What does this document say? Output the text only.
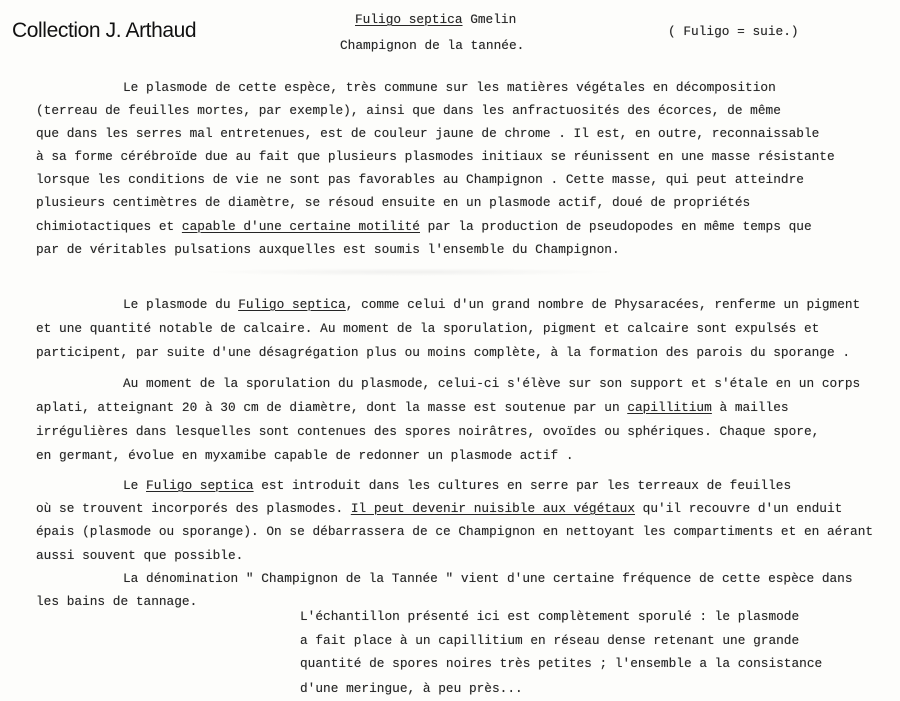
Collection J. Arthaud	Fuligo septica Gmelin
Champignon de la tannée.
( Fuligo = suie.)
Le plasmode de cette espèce, très commune sur les matières végétales en décomposition
(terreau de feuilles mortes, par exemple), ainsi que dans les anfractuosités des écorces, de même
que dans les serres mal entretenues, est de couleur jaune de chrome . Il est, en outre, reconnaissable
à sa forme cérébroïde due au fait que plusieurs plasmodes initiaux se réunissent en une masse résistante
lorsque les conditions de vie ne sont pas favorables au Champignon . Cette masse, qui peut atteindre
plusieurs centimètres de diamètre, se résoud ensuite en un plasmode actif, doué de propriétés
chimiotactiques et capable d'une certaine motilité par la production de pseudopodes en même temps que
par de véritables pulsations auxquelles est soumis l'ensemble du Champignon.
Le plasmode du Fuligo septica, comme celui d'un grand nombre de Physaracées, renferme un pigment
et une quantité notable de calcaire. Au moment de la sporulation, pigment et calcaire sont expulsés et
participent, par suite d'une désagrégation plus ou moins complète, à la formation des parois du sporange .
Au moment de la sporulation du plasmode, celui-ci s'élève sur son support et s'étale en un corps
aplati, atteignant 20 à 30 cm de diamètre, dont la masse est soutenue par un capillitium à mailles
irrégulières dans lesquelles sont contenues des spores noirâtres, ovoïdes ou sphériques. Chaque spore,
en germant, évolue en myxamibe capable de redonner un plasmode actif .
Le Fuligo septica est introduit dans les cultures en serre par les terreaux de feuilles
où se trouvent incorporés des plasmodes. Il peut devenir nuisible aux végétaux qu'il recouvre d'un enduit
épais (plasmode ou sporange). On se débarrassera de ce Champignon en nettoyant les compartiments et en aérant
aussi souvent que possible.
La dénomination " Champignon de la Tannée " vient d'une certaine fréquence de cette espèce dans
les bains de tannage.
L'échantillon présenté ici est complètement sporulé : le plasmode
a fait place à un capillitium en réseau dense retenant une grande
quantité de spores noires très petites ; l'ensemble a la consistance
d'une meringue, à peu près...
